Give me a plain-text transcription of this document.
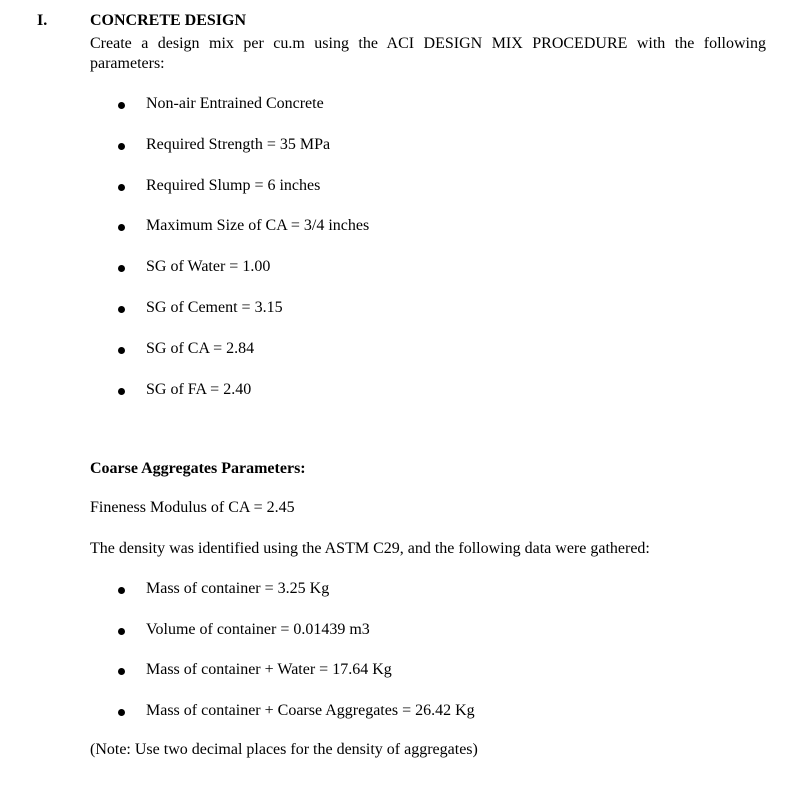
I.	CONCRETE DESIGN
Create a design mix per cu.m using the ACI DESIGN MIX PROCEDURE with the following parameters:
Non-air Entrained Concrete
Required Strength = 35 MPa
Required Slump = 6 inches
Maximum Size of CA = 3/4 inches
SG of Water = 1.00
SG of Cement = 3.15
SG of CA = 2.84
SG of FA = 2.40
Coarse Aggregates Parameters:
Fineness Modulus of CA = 2.45
The density was identified using the ASTM C29, and the following data were gathered:
Mass of container = 3.25 Kg
Volume of container = 0.01439 m3
Mass of container + Water = 17.64 Kg
Mass of container + Coarse Aggregates = 26.42 Kg
(Note: Use two decimal places for the density of aggregates)
